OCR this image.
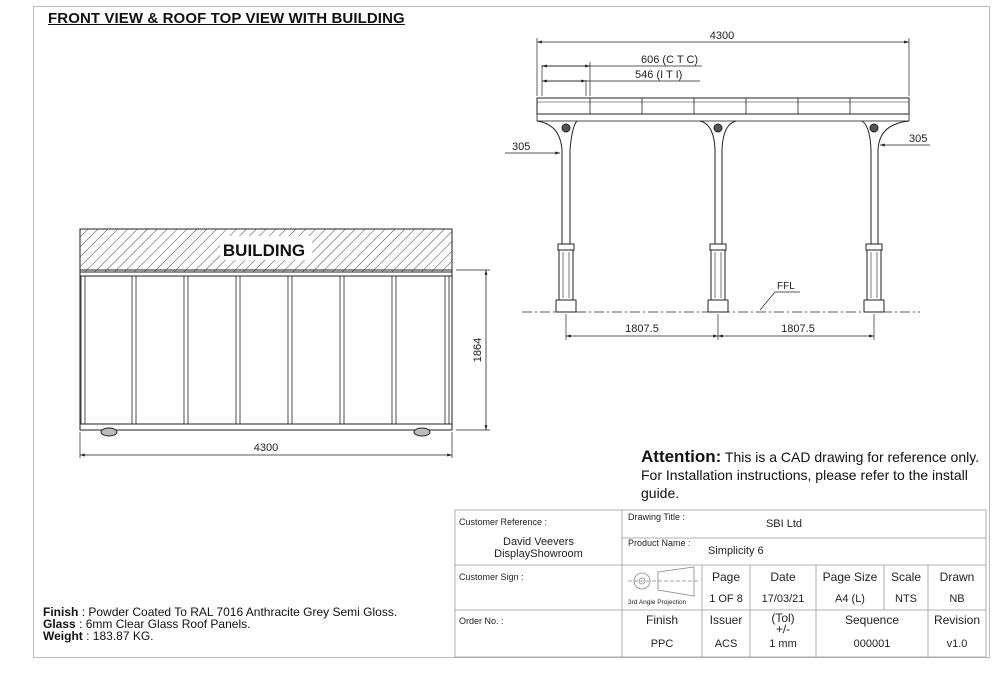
FRONT VIEW & ROOF TOP VIEW WITH BUILDING
BUILDING
4300
1864
4300
606 (C T C)
546 (I T I)
305
305
FFL
1807.5	1807.5
Attention: This is a CAD drawing for reference only.
For Installation instructions, please refer to the install guide.
Finish : Powder Coated To RAL 7016 Anthracite Grey Semi Gloss.
Glass : 6mm Clear Glass Roof Panels.
Weight : 183.87 KG.
Customer Reference :
David Veevers
DisplayShowroom
Drawing Title :
SBI Ltd
Product Name :
Simplicity 6
Customer Sign :
3rd Angle Projection
Page
1 OF 8
Date
17/03/21
Page Size
A4 (L)
Scale
NTS
Drawn
NB
Order No. :	Finish
PPC
Issuer
ACS
(Tol)
+/-
1 mm
Sequence
000001
Revision
v1.0
